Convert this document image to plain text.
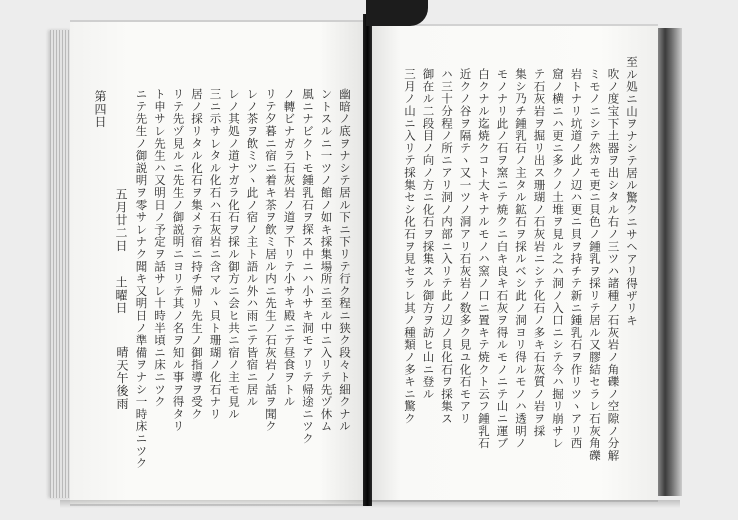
至ル処ニ山ヲナシテ居ル驚クニサヘアリ得ザリキ
吹ノ度宝下土器ヲ出シタル右ノ三ツハ諸種ノ石灰岩ノ角礫ノ空隙ノ分解
ミモノニシテ然カモ更ニ貝色ノ鍾乳ヲ採リテ居ル又膠結セラレ石灰角礫
岩トナリ坑道ノ此ノ辺ハ更ニ貝ヲ持チテ新ニ鍾乳石ヲ作リツヽアリ西
窟ノ横ニハ更ニ多クノ土堆ヲ見ル之ハ洞ノ入口ニシテ今ハ掘リ崩サレ
テ石灰岩ヲ掘リ出ス珊瑚ノ石灰岩ニシテ化石ノ多キ石灰質ノ岩ヲ採
集シ乃チ鍾乳石ノ主タル鉱石ヲ採ルベシ此ノ洞ヨリ得ルモノハ透明ノ
モノナリ此ノ石ヲ窯ニテ焼クニ白キ良キ石灰ヲ得ルモノニテ山ニ運ブ
白クナル迄焼クコト大キナルモノハ窯ノ口ニ置キテ焼クト云フ鍾乳石
近クノ谷ヲ隔テヽ又一ツノ洞アリ石灰岩ノ数多ク見ユ化石モアリ
ハ三十分程ノ所ニアリ洞ノ内部ニ入リテ此ノ辺ノ貝化石ヲ採集ス
御在ル二段目ノ向ノ方ニ化石ヲ採集スル御方ヲ訪ヒ山ニ登ル
三月ノ山ニ入リテ採集セシ化石ヲ見セラレ其ノ種類ノ多キニ驚ク
幽暗ノ底ヲナシテ居ル下ニ下リテ行ク程ニ狭ク段々ト細クナル
ントスルニ一ツノ館ノ如キ採集場所ニ至ル中ニ入リテ先ヅ休ム
風ニナビクトモ鍾乳石ヲ探ス中ニハ小サキ洞モアリテ帰途ニツク
ノ轉ビナガラ石灰岩ノ道ヲ下リテ小サキ殿ニテ昼食ヲトル
リテ夕暮ニ宿ニ着キ茶ヲ飲ミ居ル内ニ先生ノ石灰岩ノ話ヲ聞ク
レノ茶ヲ飲ミツヽ此ノ宿ノ主ト語ル外ハ雨ニテ皆宿ニ居ル
レノ其処ノ道ナガラ化石ヲ採ル御方ニ会ヒ共ニ宿ノ主モ見ル
三ニ示サレタル化石ハ石灰岩ニ含マルヽ貝ト珊瑚ノ化石ナリ
居ノ採リタル化石ヲ集メテ宿ニ持チ帰リ先生ノ御指導ヲ受ク
リテ先ヅ見ルニ先生ノ御説明ニヨリテ其ノ名ヲ知ル事ヲ得タリ
ト申サレ先生ハ又明日ノ予定ヲ話サレ十時半頃ニ床ニツク
ニテ先生ノ御説明ヲ零サレナク聞キ又明日ノ準備ヲナシ一時床ニツク
五月廿二日
土曜日
晴天午後雨
第四日
